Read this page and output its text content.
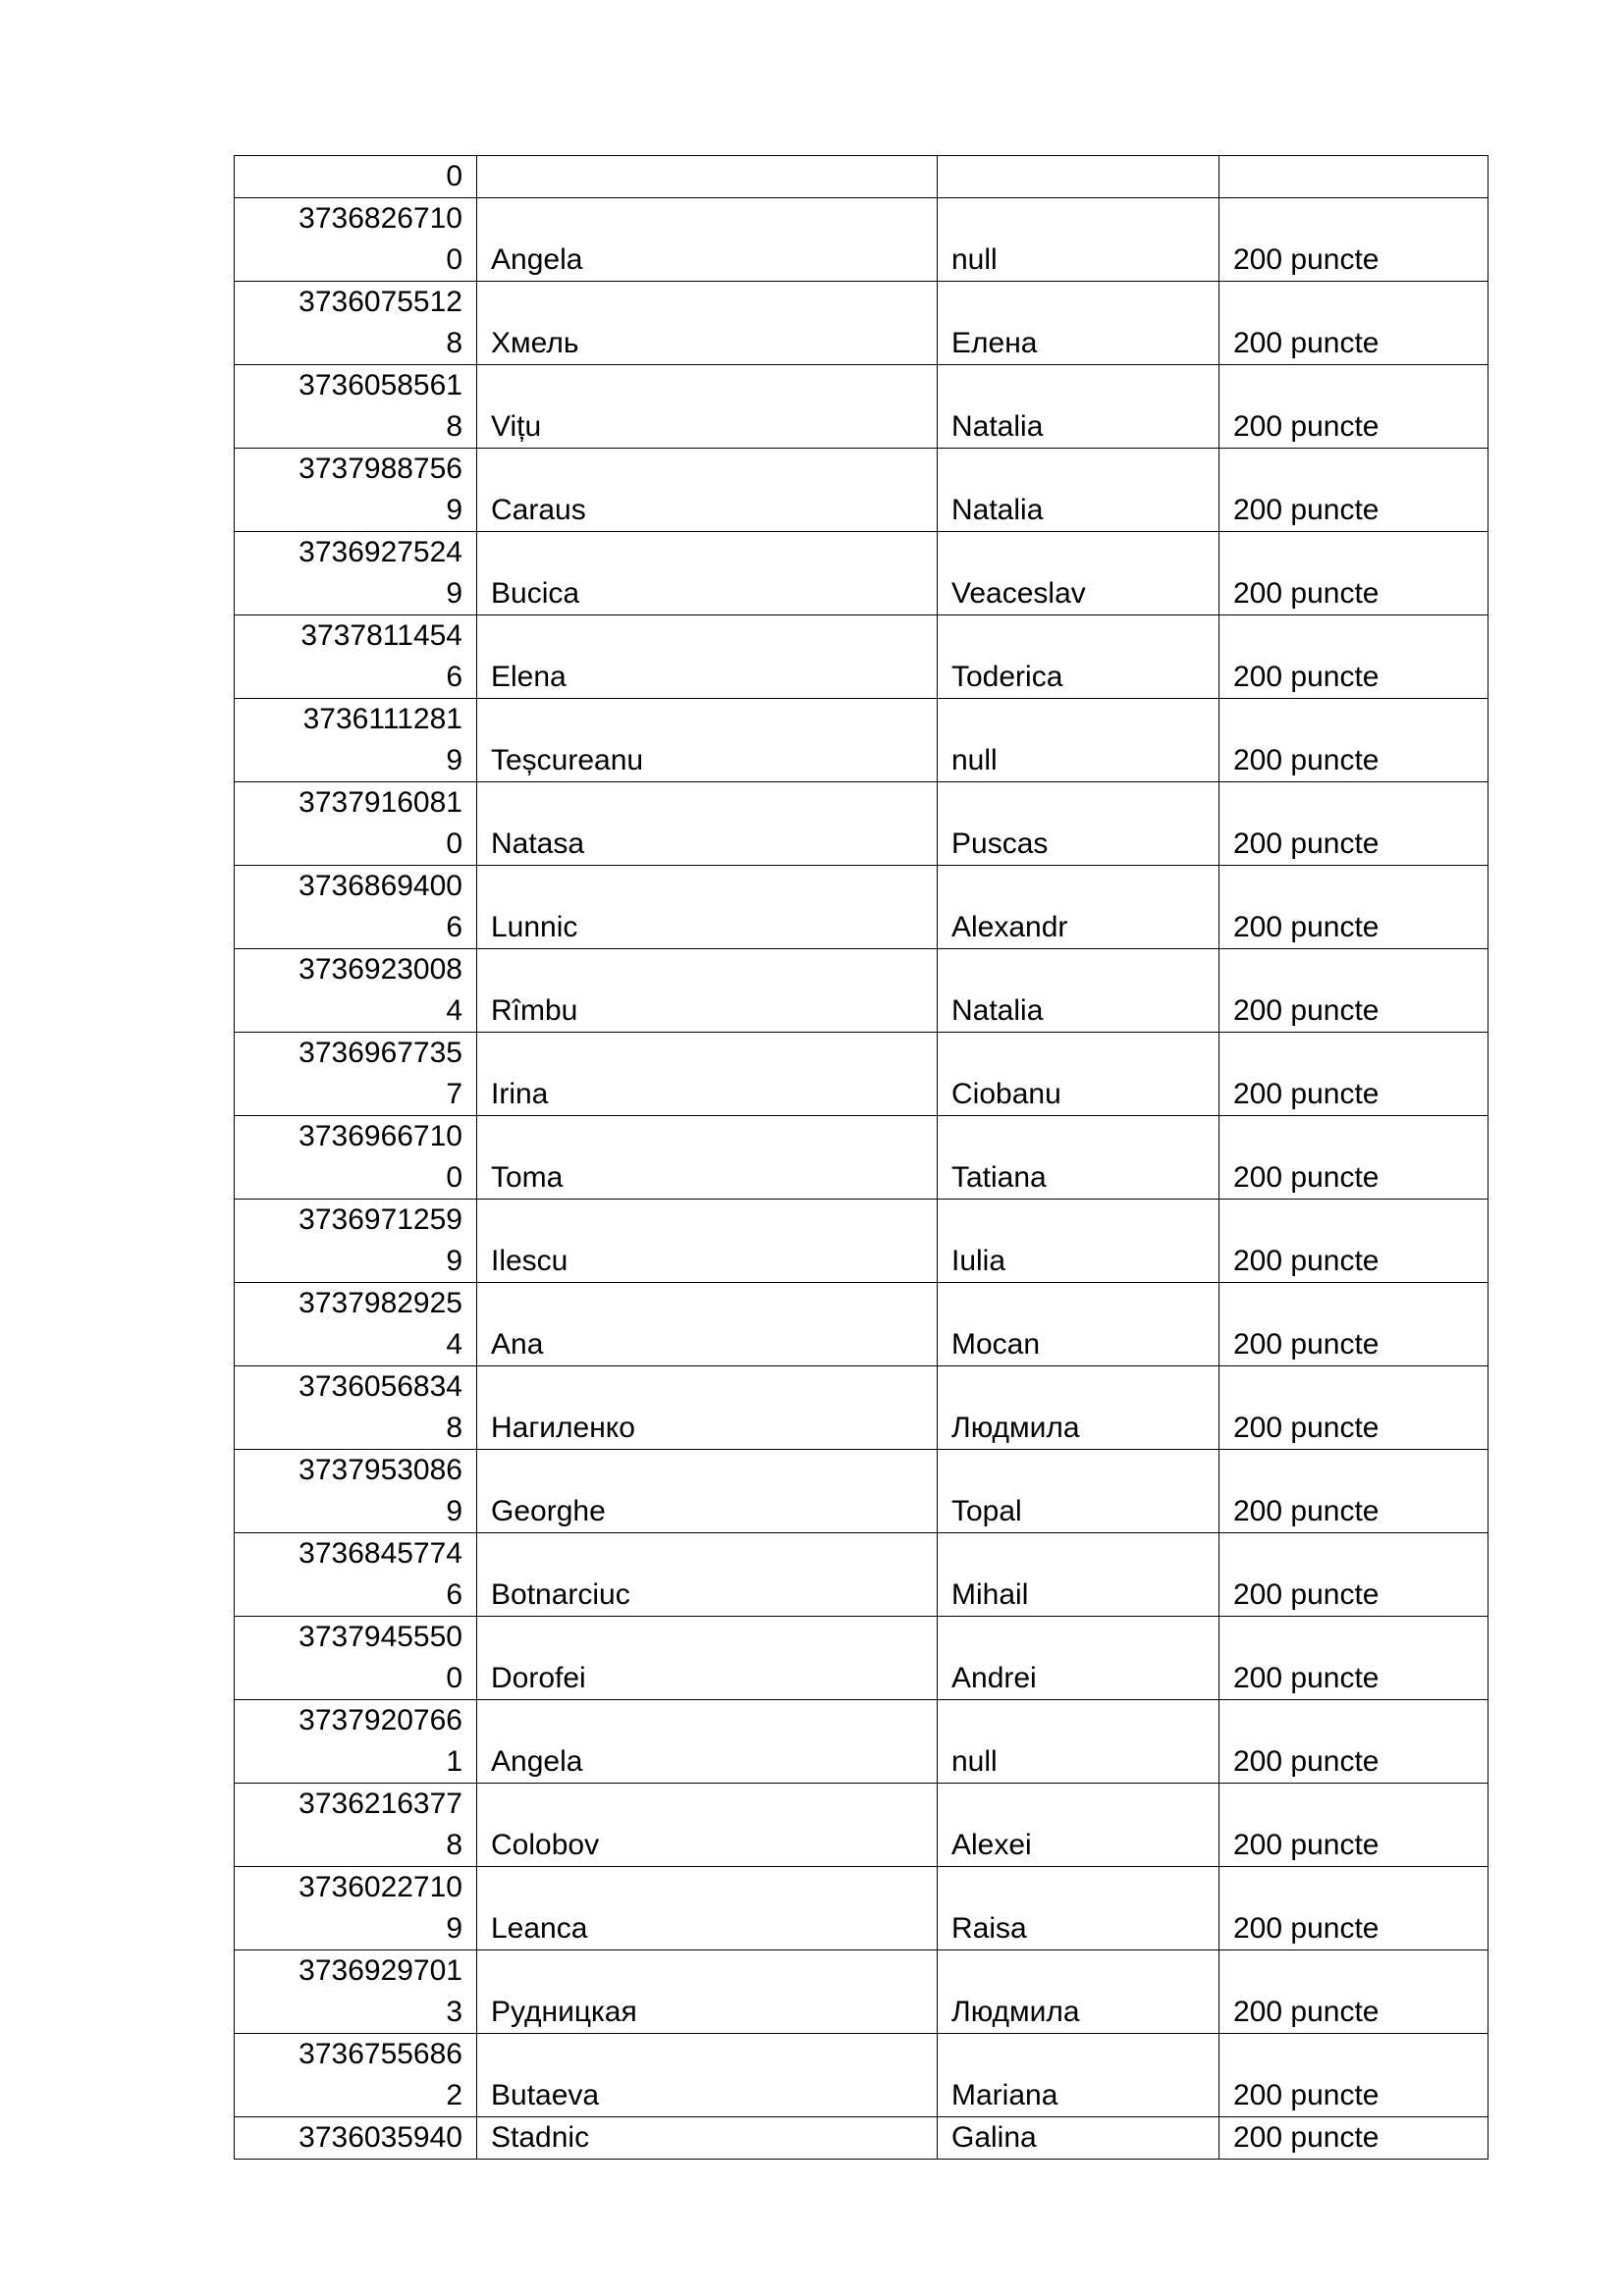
0			

3736826710
0	Angela	null	200 puncte

3736075512
8	Хмель	Елена	200 puncte

3736058561
8	Vițu	Natalia	200 puncte

3737988756
9	Caraus	Natalia	200 puncte

3736927524
9	Bucica	Veaceslav	200 puncte

3737811454
6	Elena	Toderica	200 puncte

3736111281
9	Teșcureanu	null	200 puncte

3737916081
0	Natasa	Puscas	200 puncte

3736869400
6	Lunnic	Alexandr	200 puncte

3736923008
4	Rîmbu	Natalia	200 puncte

3736967735
7	Irina	Ciobanu	200 puncte

3736966710
0	Toma	Tatiana	200 puncte

3736971259
9	Ilescu	Iulia	200 puncte

3737982925
4	Ana	Mocan	200 puncte

3736056834
8	Нагиленко	Людмила	200 puncte

3737953086
9	Georghe	Topal	200 puncte

3736845774
6	Botnarciuc	Mihail	200 puncte

3737945550
0	Dorofei	Andrei	200 puncte

3737920766
1	Angela	null	200 puncte

3736216377
8	Colobov	Alexei	200 puncte

3736022710
9	Leanca	Raisa	200 puncte

3736929701
3	Рудницкая	Людмила	200 puncte

3736755686
2	Butaeva	Mariana	200 puncte
3736035940	Stadnic	Galina	200 puncte
